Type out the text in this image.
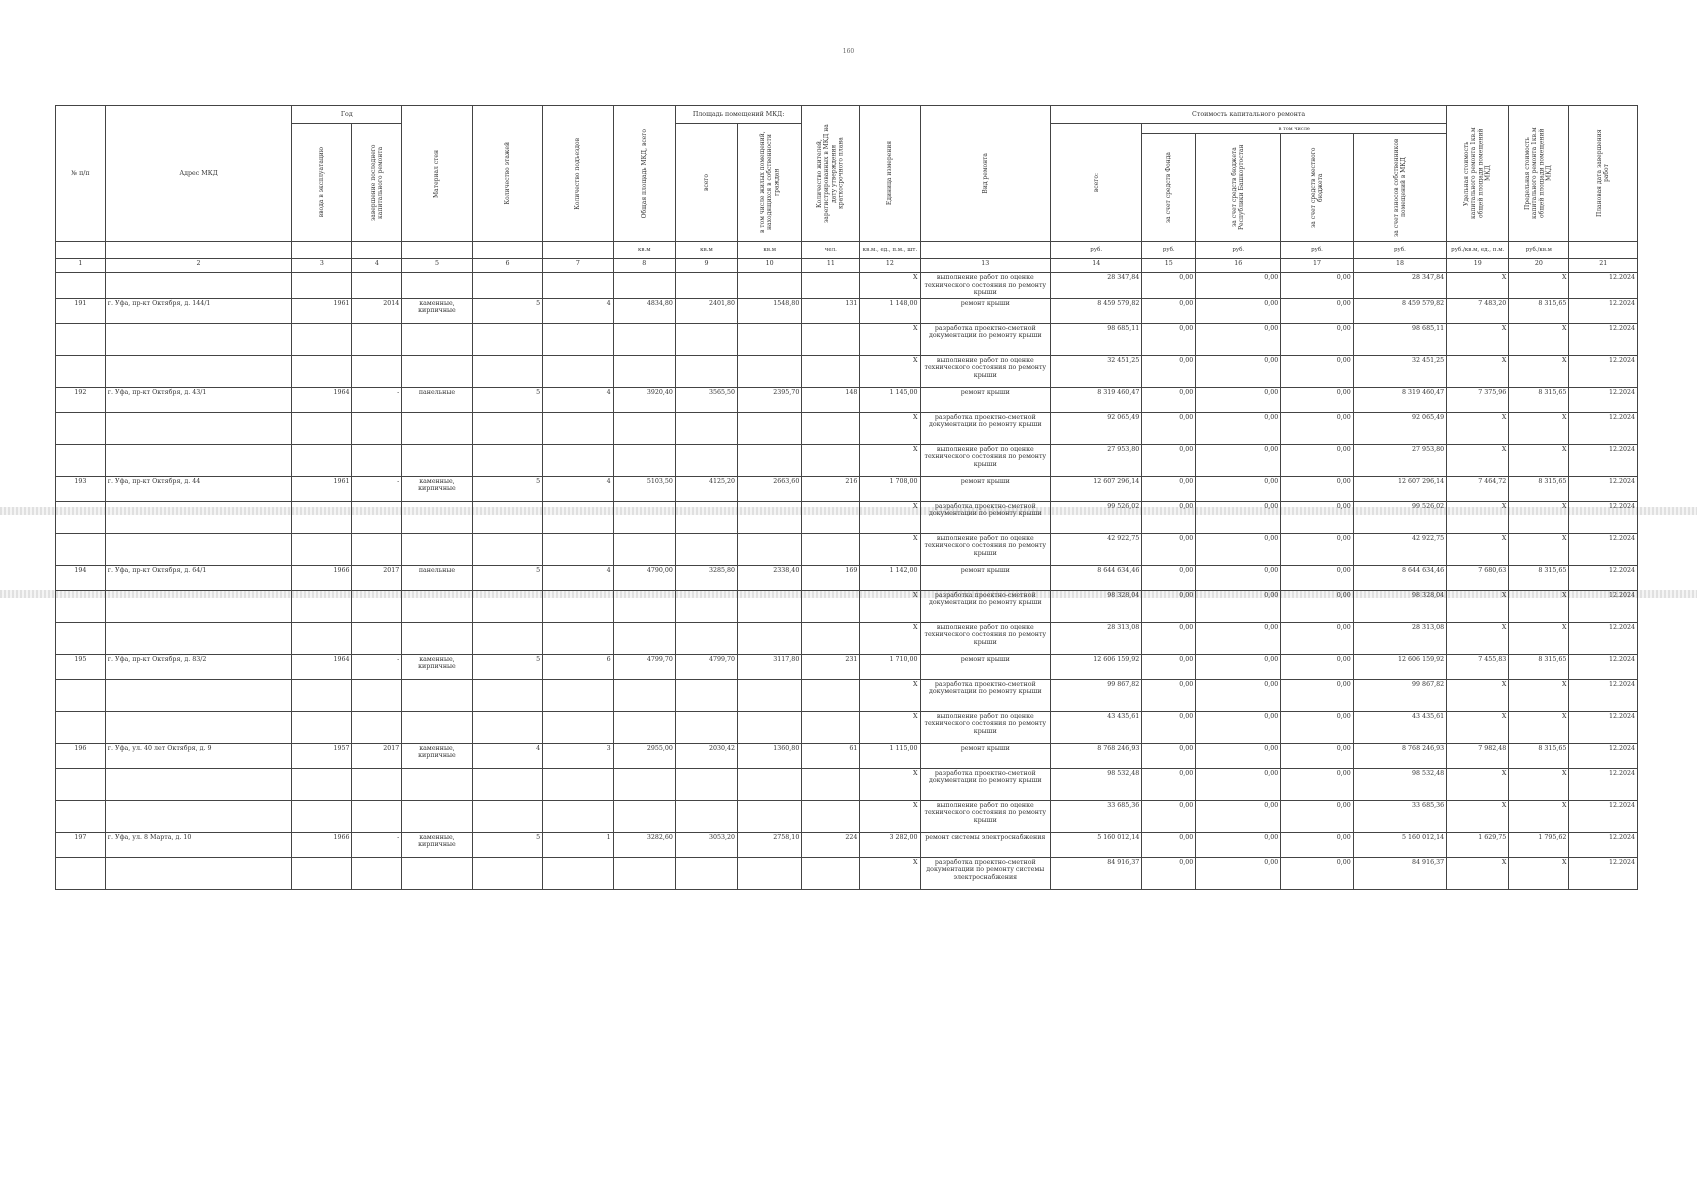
160
№ п/п	Адрес МКД	Год		Материал стен	Количество этажей	Количество подъездов	Общая площадь МКД, всего	Площадь помещений МКД:		Количество жителей, зарегистрированных в МКД на дату утверждения краткосрочного плана	Единица измерения	Вид ремонта	Стоимость капитального ремонта					Удельная стоимость капитального ремонта 1кв.м общей площади помещений МКД	Предельная стоимость капитального ремонта 1кв.м общей площади помещений МКД	Плановая дата завершения работ

		ввода в эксплуатацию	завершение последнего капитального ремонта					всего	в том числе жилых помещений, находящихся в собственности граждан				всего:	в том числе						

														за счет средств Фонда	за счет средств бюджета Республики Башкортостан	за счет средств местного бюджета	за счет взносов собственников помещений в МКД			

							кв.м	кв.м	кв.м	чел.	кв.м., ед., п.м., шт.		руб.	руб.	руб.	руб.	руб.	руб./кв.м, ед., п.м.	руб./кв.м	
1	2	3	4	5	6	7	8	9	10	11	12	13	14	15	16	17	18	19	20	21
											X	выполнение работ по оценке технического состояния по ремонту крыши	28 347,84	0,00	0,00	0,00	28 347,84	X	X	12.2024
191	г. Уфа, пр-кт Октября, д. 144/1	1961	2014	каменные, кирпичные	5	4	4834,80	2401,80	1548,80	131	1 148,00	ремонт крыши	8 459 579,82	0,00	0,00	0,00	8 459 579,82	7 483,20	8 315,65	12.2024
											X	разработка проектно-сметной документации по ремонту крыши	98 685,11	0,00	0,00	0,00	98 685,11	X	X	12.2024
											X	выполнение работ по оценке технического состояния по ремонту крыши	32 451,25	0,00	0,00	0,00	32 451,25	X	X	12.2024
192	г. Уфа, пр-кт Октября, д. 43/1	1964	-	панельные	5	4	3920,40	3565,50	2395,70	148	1 145,00	ремонт крыши	8 319 460,47	0,00	0,00	0,00	8 319 460,47	7 375,96	8 315,65	12.2024
											X	разработка проектно-сметной документации по ремонту крыши	92 065,49	0,00	0,00	0,00	92 065,49	X	X	12.2024
											X	выполнение работ по оценке технического состояния по ремонту крыши	27 953,80	0,00	0,00	0,00	27 953,80	X	X	12.2024
193	г. Уфа, пр-кт Октября, д. 44	1961	-	каменные, кирпичные	5	4	5103,50	4125,20	2663,60	216	1 708,00	ремонт крыши	12 607 296,14	0,00	0,00	0,00	12 607 296,14	7 464,72	8 315,65	12.2024
											X	разработка проектно-сметной документации по ремонту крыши	99 526,02	0,00	0,00	0,00	99 526,02	X	X	12.2024
											X	выполнение работ по оценке технического состояния по ремонту крыши	42 922,75	0,00	0,00	0,00	42 922,75	X	X	12.2024
194	г. Уфа, пр-кт Октября, д. 64/1	1966	2017	панельные	5	4	4790,00	3285,80	2338,40	169	1 142,00	ремонт крыши	8 644 634,46	0,00	0,00	0,00	8 644 634,46	7 680,63	8 315,65	12.2024
											X	разработка проектно-сметной документации по ремонту крыши	98 328,04	0,00	0,00	0,00	98 328,04	X	X	12.2024
											X	выполнение работ по оценке технического состояния по ремонту крыши	28 313,08	0,00	0,00	0,00	28 313,08	X	X	12.2024
195	г. Уфа, пр-кт Октября, д. 83/2	1964	-	каменные, кирпичные	5	6	4799,70	4799,70	3117,80	231	1 710,00	ремонт крыши	12 606 159,92	0,00	0,00	0,00	12 606 159,92	7 455,83	8 315,65	12.2024
											X	разработка проектно-сметной документации по ремонту крыши	99 867,82	0,00	0,00	0,00	99 867,82	X	X	12.2024
											X	выполнение работ по оценке технического состояния по ремонту крыши	43 435,61	0,00	0,00	0,00	43 435,61	X	X	12.2024
196	г. Уфа, ул. 40 лет Октября, д. 9	1957	2017	каменные, кирпичные	4	3	2955,00	2030,42	1360,80	61	1 115,00	ремонт крыши	8 768 246,93	0,00	0,00	0,00	8 768 246,93	7 982,48	8 315,65	12.2024
											X	разработка проектно-сметной документации по ремонту крыши	98 532,48	0,00	0,00	0,00	98 532,48	X	X	12.2024
											X	выполнение работ по оценке технического состояния по ремонту крыши	33 685,36	0,00	0,00	0,00	33 685,36	X	X	12.2024
197	г. Уфа, ул. 8 Марта, д. 10	1966	-	каменные, кирпичные	5	1	3282,60	3053,20	2758,10	224	3 282,00	ремонт системы электроснабжения	5 160 012,14	0,00	0,00	0,00	5 160 012,14	1 629,75	1 795,62	12.2024
											X	разработка проектно-сметной документации по ремонту системы электроснабжения	84 916,37	0,00	0,00	0,00	84 916,37	X	X	12.2024
